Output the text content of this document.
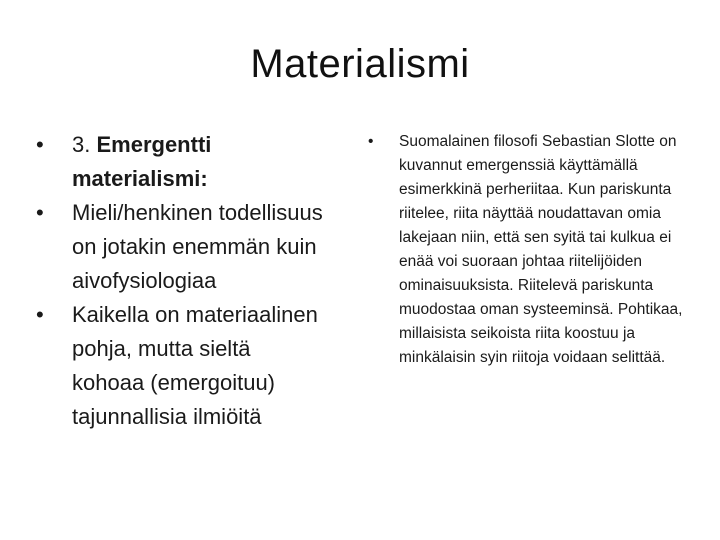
Materialismi
• 3. Emergentti materialismi:
• Mieli/henkinen todellisuus on jotakin enemmän kuin aivofysiologiaa
• Kaikella on materiaalinen pohja, mutta sieltä kohoaa (emergoituu) tajunnallisia ilmiöitä
• Suomalainen filosofi Sebastian Slotte on kuvannut emergenssiä käyttämällä esimerkkinä perheriitaa. Kun pariskunta riitelee, riita näyttää noudattavan omia lakejaan niin, että sen syitä tai kulkua ei enää voi suoraan johtaa riitelijöiden ominaisuuksista. Riitelevä pariskunta muodostaa oman systeeminsä. Pohtikaa, millaisista seikoista riita koostuu ja minkälaisin syin riitoja voidaan selittää.
